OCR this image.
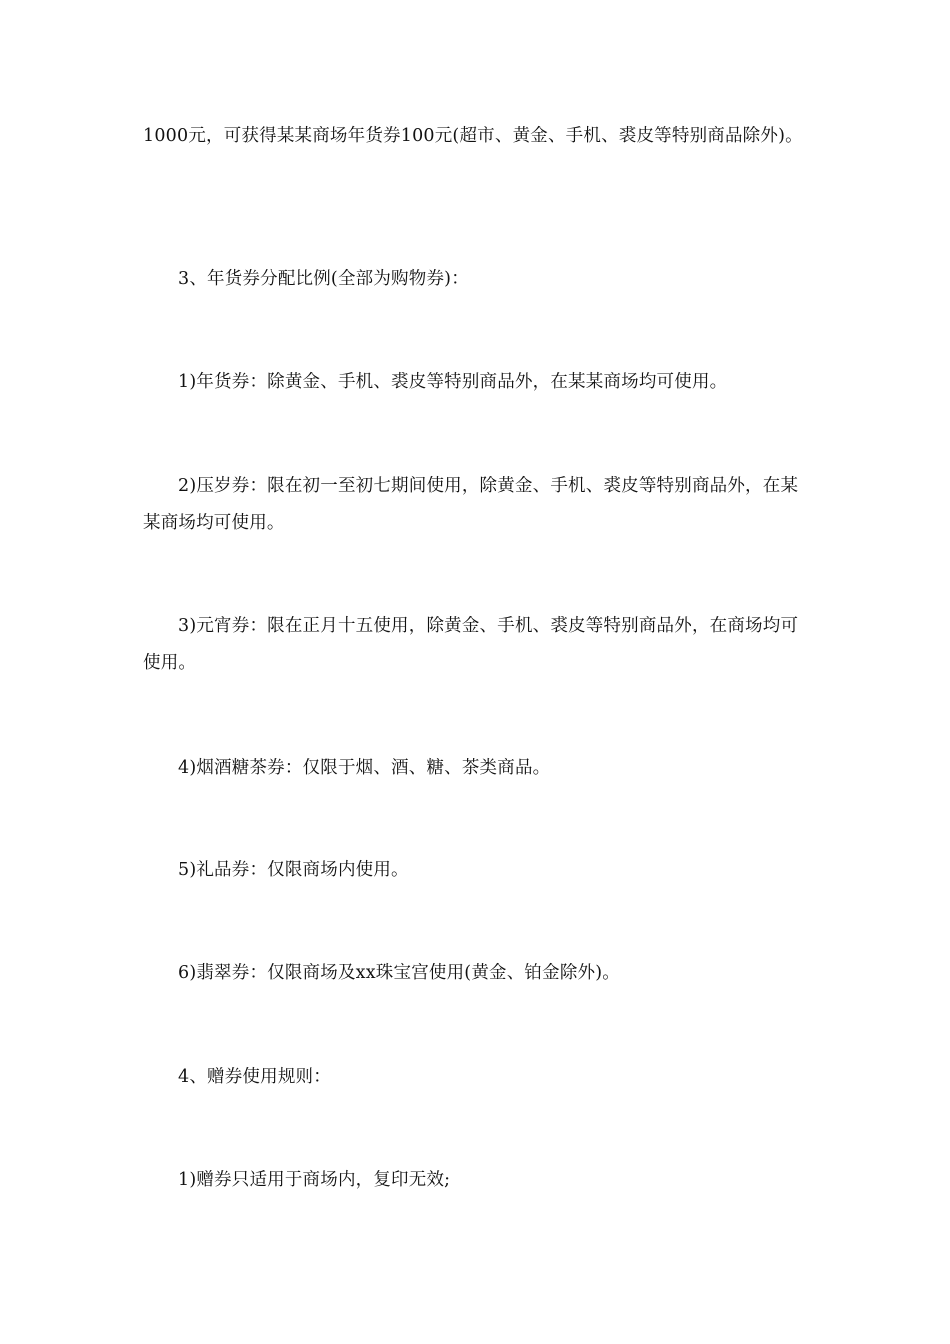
1000元，可获得某某商场年货券100元(超市、黄金、手机、裘皮等特别商品除外)。

3、年货券分配比例(全部为购物券)：

1)年货券：除黄金、手机、裘皮等特别商品外，在某某商场均可使用。

2)压岁券：限在初一至初七期间使用，除黄金、手机、裘皮等特别商品外，在某某商场均可使用。

3)元宵券：限在正月十五使用，除黄金、手机、裘皮等特别商品外，在商场均可使用。

4)烟酒糖茶券：仅限于烟、酒、糖、茶类商品。

5)礼品券：仅限商场内使用。

6)翡翠券：仅限商场及xx珠宝宫使用(黄金、铂金除外)。

4、赠券使用规则：

1)赠券只适用于商场内，复印无效;
